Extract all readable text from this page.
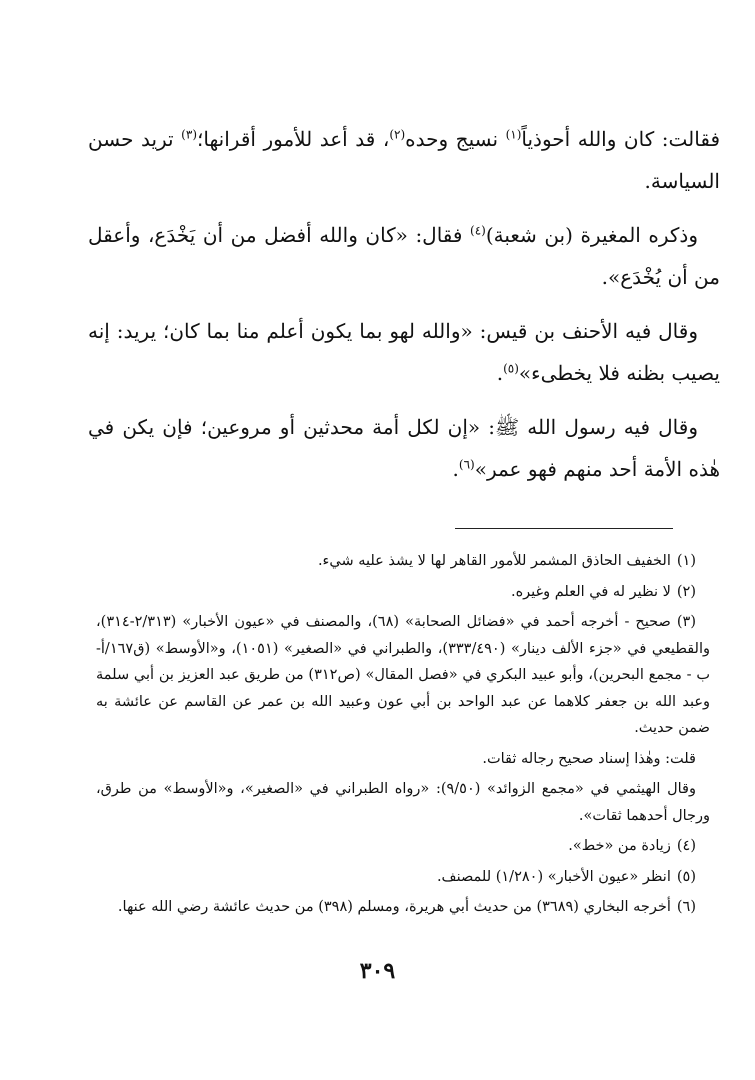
فقالت: كان والله أحوذياً$^{(١)}$ نسيج وحده$^{(٢)}$، قد أعد للأمور أقرانها؛$^{(٣)}$ تريد حسن السياسة.

وذكره المغيرة (بن شعبة)$^{(٤)}$ فقال: «كان والله أفضل من أن يَخْدَع، وأعقل من أن يُخْدَع».

وقال فيه الأحنف بن قيس: «والله لهو بما يكون أعلم منا بما كان؛ يريد: إنه يصيب بظنه فلا يخطىء»$^{(٥)}$.

وقال فيه رسول الله ﷺ: «إن لكل أمة محدثين أو مروعين؛ فإن يكن في هٰذه الأمة أحد منهم فهو عمر»$^{(٦)}$.

(١)الخفيف الحاذق المشمر للأمور القاهر لها لا يشذ عليه شيء.

(٢)لا نظير له في العلم وغيره.

(٣)صحيح - أخرجه أحمد في «فضائل الصحابة» (٦٨)، والمصنف في «عيون الأخبار» (٢/٣١٣-٣١٤)، والقطيعي في «جزء الألف دينار» (٣٣٣/٤٩٠)، والطبراني في «الصغير» (١٠٥١)، و«الأوسط» (ق١٦٧/أ-ب - مجمع البحرين)، وأبو عبيد البكري في «فصل المقال» (ص٣١٢) من طريق عبد العزيز بن أبي سلمة وعبد الله بن جعفر كلاهما عن عبد الواحد بن أبي عون وعبيد الله بن عمر عن القاسم عن عائشة به ضمن حديث.

قلت: وهٰذا إسناد صحيح رجاله ثقات.

وقال الهيثمي في «مجمع الزوائد» (٩/٥٠): «رواه الطبراني في «الصغير»، و«الأوسط» من طرق، ورجال أحدهما ثقات».

(٤)زيادة من «خط».

(٥)انظر «عيون الأخبار» (١/٢٨٠) للمصنف.

(٦)أخرجه البخاري (٣٦٨٩) من حديث أبي هريرة، ومسلم (٣٩٨) من حديث عائشة رضي الله عنها.

٣٠٩
